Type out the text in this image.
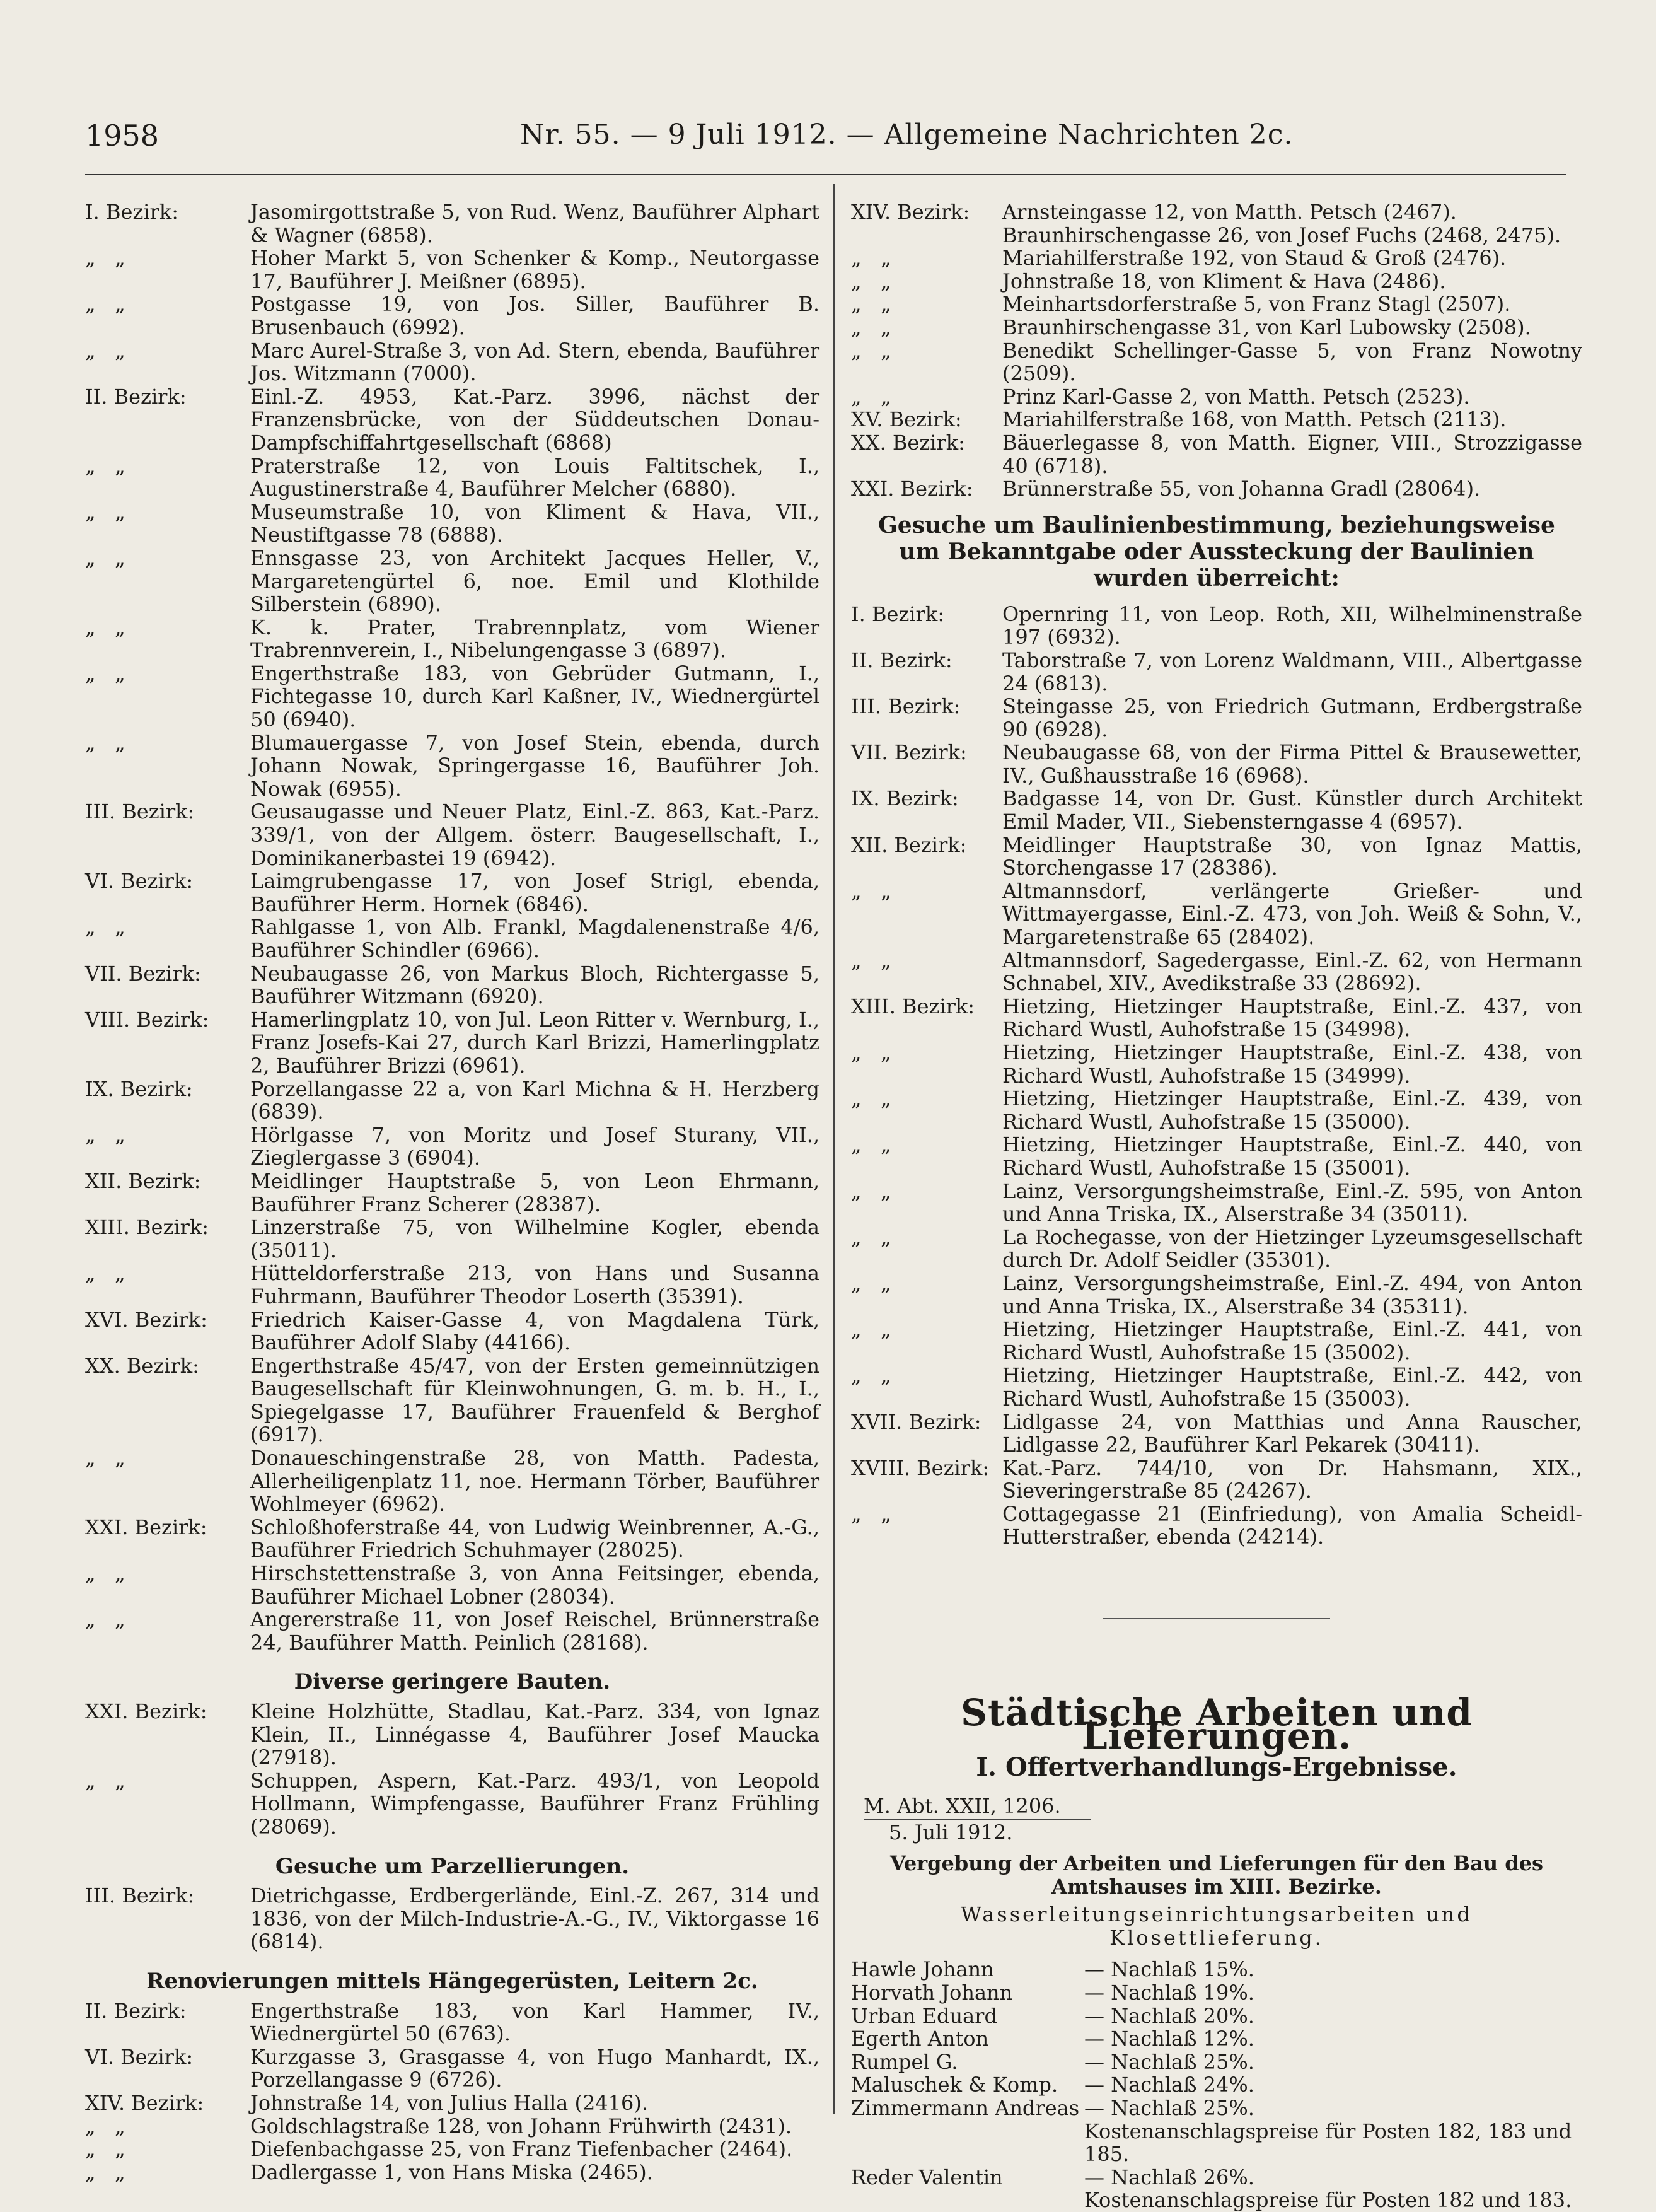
1958	Nr. 55. — 9 Juli 1912. — Allgemeine Nachrichten 2c.
I. Bezirk:	Jasomirgottstraße 5, von Rud. Wenz, Bauführer Alphart & Wagner (6858).
„   „	Hoher Markt 5, von Schenker & Komp., Neutorgasse 17, Bauführer J. Meißner (6895).
„   „	Postgasse 19, von Jos. Siller, Bauführer B. Brusenbauch (6992).
„   „	Marc Aurel-Straße 3, von Ad. Stern, ebenda, Bauführer Jos. Witzmann (7000).
II. Bezirk:	Einl.-Z. 4953, Kat.-Parz. 3996, nächst der Franzensbrücke, von der Süddeutschen Donau-Dampfschiffahrtgesellschaft (6868)
„   „	Praterstraße 12, von Louis Faltitschek, I., Augustinerstraße 4, Bauführer Melcher (6880).
„   „	Museumstraße 10, von Kliment & Hava, VII., Neustiftgasse 78 (6888).
„   „	Ennsgasse 23, von Architekt Jacques Heller, V., Margaretengürtel 6, noe. Emil und Klothilde Silberstein (6890).
„   „	K. k. Prater, Trabrennplatz, vom Wiener Trabrennverein, I., Nibelungengasse 3 (6897).
„   „	Engerthstraße 183, von Gebrüder Gutmann, I., Fichtegasse 10, durch Karl Kaßner, IV., Wiednergürtel 50 (6940).
„   „	Blumauergasse 7, von Josef Stein, ebenda, durch Johann Nowak, Springergasse 16, Bauführer Joh. Nowak (6955).
III. Bezirk:	Geusaugasse und Neuer Platz, Einl.-Z. 863, Kat.-Parz. 339/1, von der Allgem. österr. Baugesellschaft, I., Dominikanerbastei 19 (6942).
VI. Bezirk:	Laimgrubengasse 17, von Josef Strigl, ebenda, Bauführer Herm. Hornek (6846).
„   „	Rahlgasse 1, von Alb. Frankl, Magdalenenstraße 4/6, Bauführer Schindler (6966).
VII. Bezirk:	Neubaugasse 26, von Markus Bloch, Richtergasse 5, Bauführer Witzmann (6920).
VIII. Bezirk:	Hamerlingplatz 10, von Jul. Leon Ritter v. Wernburg, I., Franz Josefs-Kai 27, durch Karl Brizzi, Hamerlingplatz 2, Bauführer Brizzi (6961).
IX. Bezirk:	Porzellangasse 22 a, von Karl Michna & H. Herzberg (6839).
„   „	Hörlgasse 7, von Moritz und Josef Sturany, VII., Zieglergasse 3 (6904).
XII. Bezirk:	Meidlinger Hauptstraße 5, von Leon Ehrmann, Bauführer Franz Scherer (28387).
XIII. Bezirk:	Linzerstraße 75, von Wilhelmine Kogler, ebenda (35011).
„   „	Hütteldorferstraße 213, von Hans und Susanna Fuhrmann, Bauführer Theodor Loserth (35391).
XVI. Bezirk:	Friedrich Kaiser-Gasse 4, von Magdalena Türk, Bauführer Adolf Slaby (44166).
XX. Bezirk:	Engerthstraße 45/47, von der Ersten gemeinnützigen Baugesellschaft für Kleinwohnungen, G. m. b. H., I., Spiegelgasse 17, Bauführer Frauenfeld & Berghof (6917).
„   „	Donaueschingenstraße 28, von Matth. Padesta, Allerheiligenplatz 11, noe. Hermann Törber, Bauführer Wohlmeyer (6962).
XXI. Bezirk:	Schloßhoferstraße 44, von Ludwig Weinbrenner, A.-G., Bauführer Friedrich Schuhmayer (28025).
„   „	Hirschstettenstraße 3, von Anna Feitsinger, ebenda, Bauführer Michael Lobner (28034).
„   „	Angererstraße 11, von Josef Reischel, Brünnerstraße 24, Bauführer Matth. Peinlich (28168).
Diverse geringere Bauten.
XXI. Bezirk:	Kleine Holzhütte, Stadlau, Kat.-Parz. 334, von Ignaz Klein, II., Linnégasse 4, Bauführer Josef Maucka (27918).
„   „	Schuppen, Aspern, Kat.-Parz. 493/1, von Leopold Hollmann, Wimpfengasse, Bauführer Franz Frühling (28069).
Gesuche um Parzellierungen.
III. Bezirk:	Dietrichgasse, Erdbergerlände, Einl.-Z. 267, 314 und 1836, von der Milch-Industrie-A.-G., IV., Viktorgasse 16 (6814).
Renovierungen mittels Hängegerüsten, Leitern 2c.
II. Bezirk:	Engerthstraße 183, von Karl Hammer, IV., Wiednergürtel 50 (6763).
VI. Bezirk:	Kurzgasse 3, Grasgasse 4, von Hugo Manhardt, IX., Porzellangasse 9 (6726).
XIV. Bezirk:	Johnstraße 14, von Julius Halla (2416).
„   „	Goldschlagstraße 128, von Johann Frühwirth (2431).
„   „	Diefenbachgasse 25, von Franz Tiefenbacher (2464).
„   „	Dadlergasse 1, von Hans Miska (2465).
XIV. Bezirk:	Arnsteingasse 12, von Matth. Petsch (2467).
Braunhirschengasse 26, von Josef Fuchs (2468, 2475).
„   „	Mariahilferstraße 192, von Staud & Groß (2476).
„   „	Johnstraße 18, von Kliment & Hava (2486).
„   „	Meinhartsdorferstraße 5, von Franz Stagl (2507).
„   „	Braunhirschengasse 31, von Karl Lubowsky (2508).
„   „	Benedikt Schellinger-Gasse 5, von Franz Nowotny (2509).
„   „	Prinz Karl-Gasse 2, von Matth. Petsch (2523).
XV. Bezirk:	Mariahilferstraße 168, von Matth. Petsch (2113).
XX. Bezirk:	Bäuerlegasse 8, von Matth. Eigner, VIII., Strozzigasse 40 (6718).
XXI. Bezirk:	Brünnerstraße 55, von Johanna Gradl (28064).
Gesuche um Baulinienbestimmung, beziehungsweise um Bekanntgabe oder Aussteckung der Baulinien wurden überreicht:
I. Bezirk:	Opernring 11, von Leop. Roth, XII, Wilhelminenstraße 197 (6932).
II. Bezirk:	Taborstraße 7, von Lorenz Waldmann, VIII., Albertgasse 24 (6813).
III. Bezirk:	Steingasse 25, von Friedrich Gutmann, Erdbergstraße 90 (6928).
VII. Bezirk:	Neubaugasse 68, von der Firma Pittel & Brausewetter, IV., Gußhausstraße 16 (6968).
IX. Bezirk:	Badgasse 14, von Dr. Gust. Künstler durch Architekt Emil Mader, VII., Siebensterngasse 4 (6957).
XII. Bezirk:	Meidlinger Hauptstraße 30, von Ignaz Mattis, Storchengasse 17 (28386).
„   „	Altmannsdorf, verlängerte Grießer- und Wittmayergasse, Einl.-Z. 473, von Joh. Weiß & Sohn, V., Margaretenstraße 65 (28402).
„   „	Altmannsdorf, Sagedergasse, Einl.-Z. 62, von Hermann Schnabel, XIV., Avedikstraße 33 (28692).
XIII. Bezirk:	Hietzing, Hietzinger Hauptstraße, Einl.-Z. 437, von Richard Wustl, Auhofstraße 15 (34998).
„   „	Hietzing, Hietzinger Hauptstraße, Einl.-Z. 438, von Richard Wustl, Auhofstraße 15 (34999).
„   „	Hietzing, Hietzinger Hauptstraße, Einl.-Z. 439, von Richard Wustl, Auhofstraße 15 (35000).
„   „	Hietzing, Hietzinger Hauptstraße, Einl.-Z. 440, von Richard Wustl, Auhofstraße 15 (35001).
„   „	Lainz, Versorgungsheimstraße, Einl.-Z. 595, von Anton und Anna Triska, IX., Alserstraße 34 (35011).
„   „	La Rochegasse, von der Hietzinger Lyzeumsgesellschaft durch Dr. Adolf Seidler (35301).
„   „	Lainz, Versorgungsheimstraße, Einl.-Z. 494, von Anton und Anna Triska, IX., Alserstraße 34 (35311).
„   „	Hietzing, Hietzinger Hauptstraße, Einl.-Z. 441, von Richard Wustl, Auhofstraße 15 (35002).
„   „	Hietzing, Hietzinger Hauptstraße, Einl.-Z. 442, von Richard Wustl, Auhofstraße 15 (35003).
XVII. Bezirk:	Lidlgasse 24, von Matthias und Anna Rauscher, Lidlgasse 22, Bauführer Karl Pekarek (30411).
XVIII. Bezirk: Kat.-Parz. 744/10, von Dr. Hahsmann, XIX., Sieveringerstraße 85 (24267).
„   „	Cottagegasse 21 (Einfriedung), von Amalia Scheidl-Hutterstraßer, ebenda (24214).
Städtische Arbeiten und Lieferungen.
I. Offertverhandlungs-Ergebnisse.
M. Abt. XXII, 1206.
5. Juli 1912.
Vergebung der Arbeiten und Lieferungen für den Bau des Amtshauses im XIII. Bezirke.
Wasserleitungseinrichtungsarbeiten und Klosettlieferung.
Hawle Johann	— Nachlaß 15%.
Horvath Johann	— Nachlaß 19%.
Urban Eduard	— Nachlaß 20%.
Egerth Anton	— Nachlaß 12%.
Rumpel G.	— Nachlaß 25%.
Maluschek & Komp.	— Nachlaß 24%.
Zimmermann Andreas — Nachlaß 25%.
Kostenanschlagspreise für Posten 182, 183 und 185.
Reder Valentin	— Nachlaß 26%.
Kostenanschlagspreise für Posten 182 und 183.
